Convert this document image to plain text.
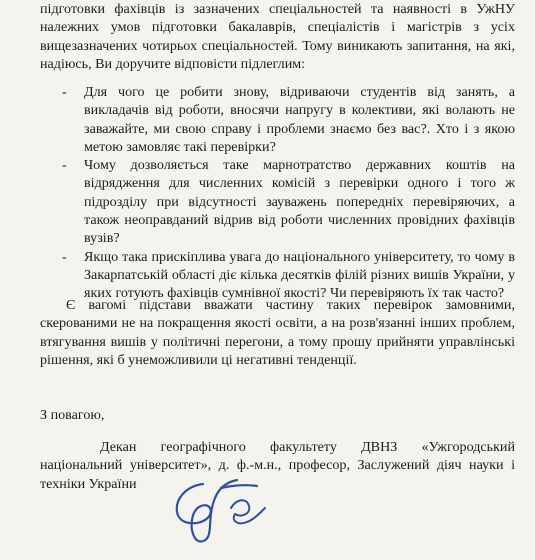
підготовки фахівців із зазначених спеціальностей та наявності в УжНУ належних умов підготовки бакалаврів, спеціалістів і магістрів з усіх вищезазначених чотирьох спеціальностей. Тому виникають запитання, на які, надіюсь, Ви доручите відповісти підлеглим:

- Для чого це робити знову, відриваючи студентів від занять, а викладачів від роботи, вносячи напругу в колективи, які волають не заважайте, ми свою справу і проблеми знаємо без вас?. Хто і з якою метою замовляє такі перевірки?
- Чому дозволяється таке марнотратство державних коштів на відрядження для численних комісій з перевірки одного і того ж підрозділу при відсутності зауважень попередніх перевіряючих, а також неоправданий відрив від роботи численних провідних фахівців вузів?
- Якщо така прискіплива увага до національного університету, то чому в Закарпатській області діє кілька десятків філій різних вишів України, у яких готують фахівців сумнівної якості? Чи перевіряють їх так часто?

Є вагомі підстави вважати частину таких перевірок замовними, скерованими не на покращення якості освіти, а на розв'язанні інших проблем, втягування вишів у політичні перегони, а тому прошу прийняти управлінські рішення, які б унеможливили ці негативні тенденції.

З повагою,

Декан географічного факультету ДВНЗ «Ужгородський національний університет», д. ф.-м.н., професор, Заслужений діяч науки і техніки України
